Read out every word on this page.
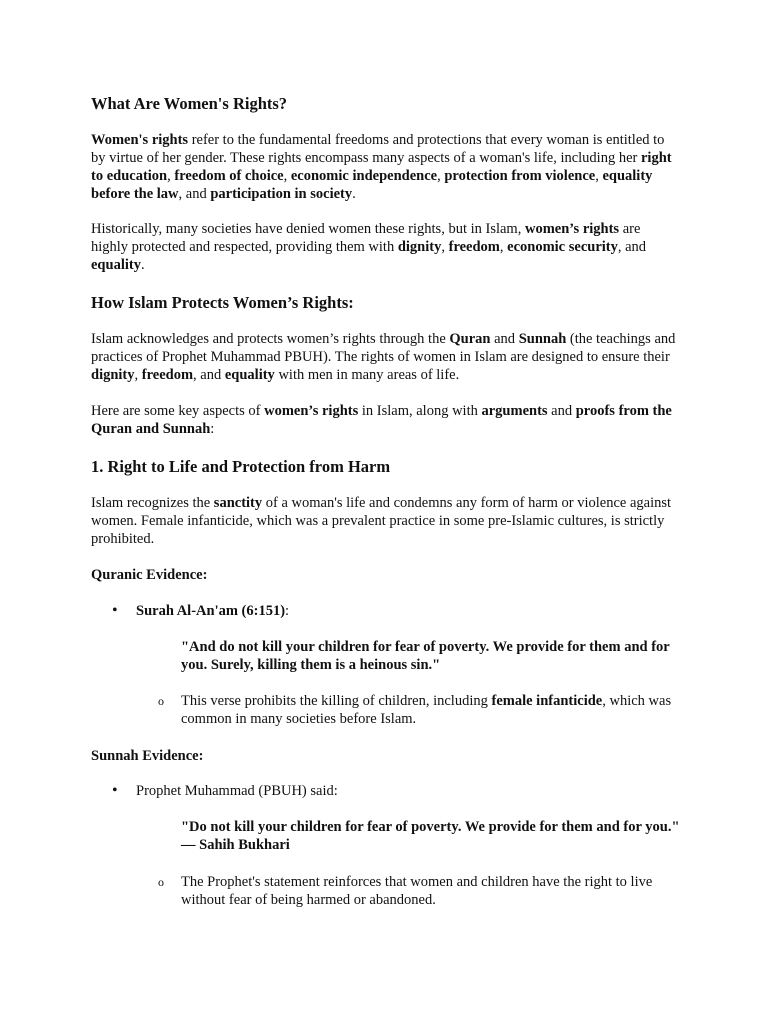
What Are Women's Rights?

Women's rights refer to the fundamental freedoms and protections that every woman is entitled to by virtue of her gender. These rights encompass many aspects of a woman's life, including her right to education, freedom of choice, economic independence, protection from violence, equality before the law, and participation in society.

Historically, many societies have denied women these rights, but in Islam, women’s rights are highly protected and respected, providing them with dignity, freedom, economic security, and equality.

How Islam Protects Women’s Rights:

Islam acknowledges and protects women’s rights through the Quran and Sunnah (the teachings and practices of Prophet Muhammad PBUH). The rights of women in Islam are designed to ensure their dignity, freedom, and equality with men in many areas of life.

Here are some key aspects of women’s rights in Islam, along with arguments and proofs from the Quran and Sunnah:

1. Right to Life and Protection from Harm

Islam recognizes the sanctity of a woman's life and condemns any form of harm or violence against women. Female infanticide, which was a prevalent practice in some pre-Islamic cultures, is strictly prohibited.

Quranic Evidence:
• Surah Al-An'am (6:151):
"And do not kill your children for fear of poverty. We provide for them and for you. Surely, killing them is a heinous sin."
o This verse prohibits the killing of children, including female infanticide, which was common in many societies before Islam.
Sunnah Evidence:
• Prophet Muhammad (PBUH) said:
"Do not kill your children for fear of poverty. We provide for them and for you." — Sahih Bukhari
o The Prophet's statement reinforces that women and children have the right to live without fear of being harmed or abandoned.
